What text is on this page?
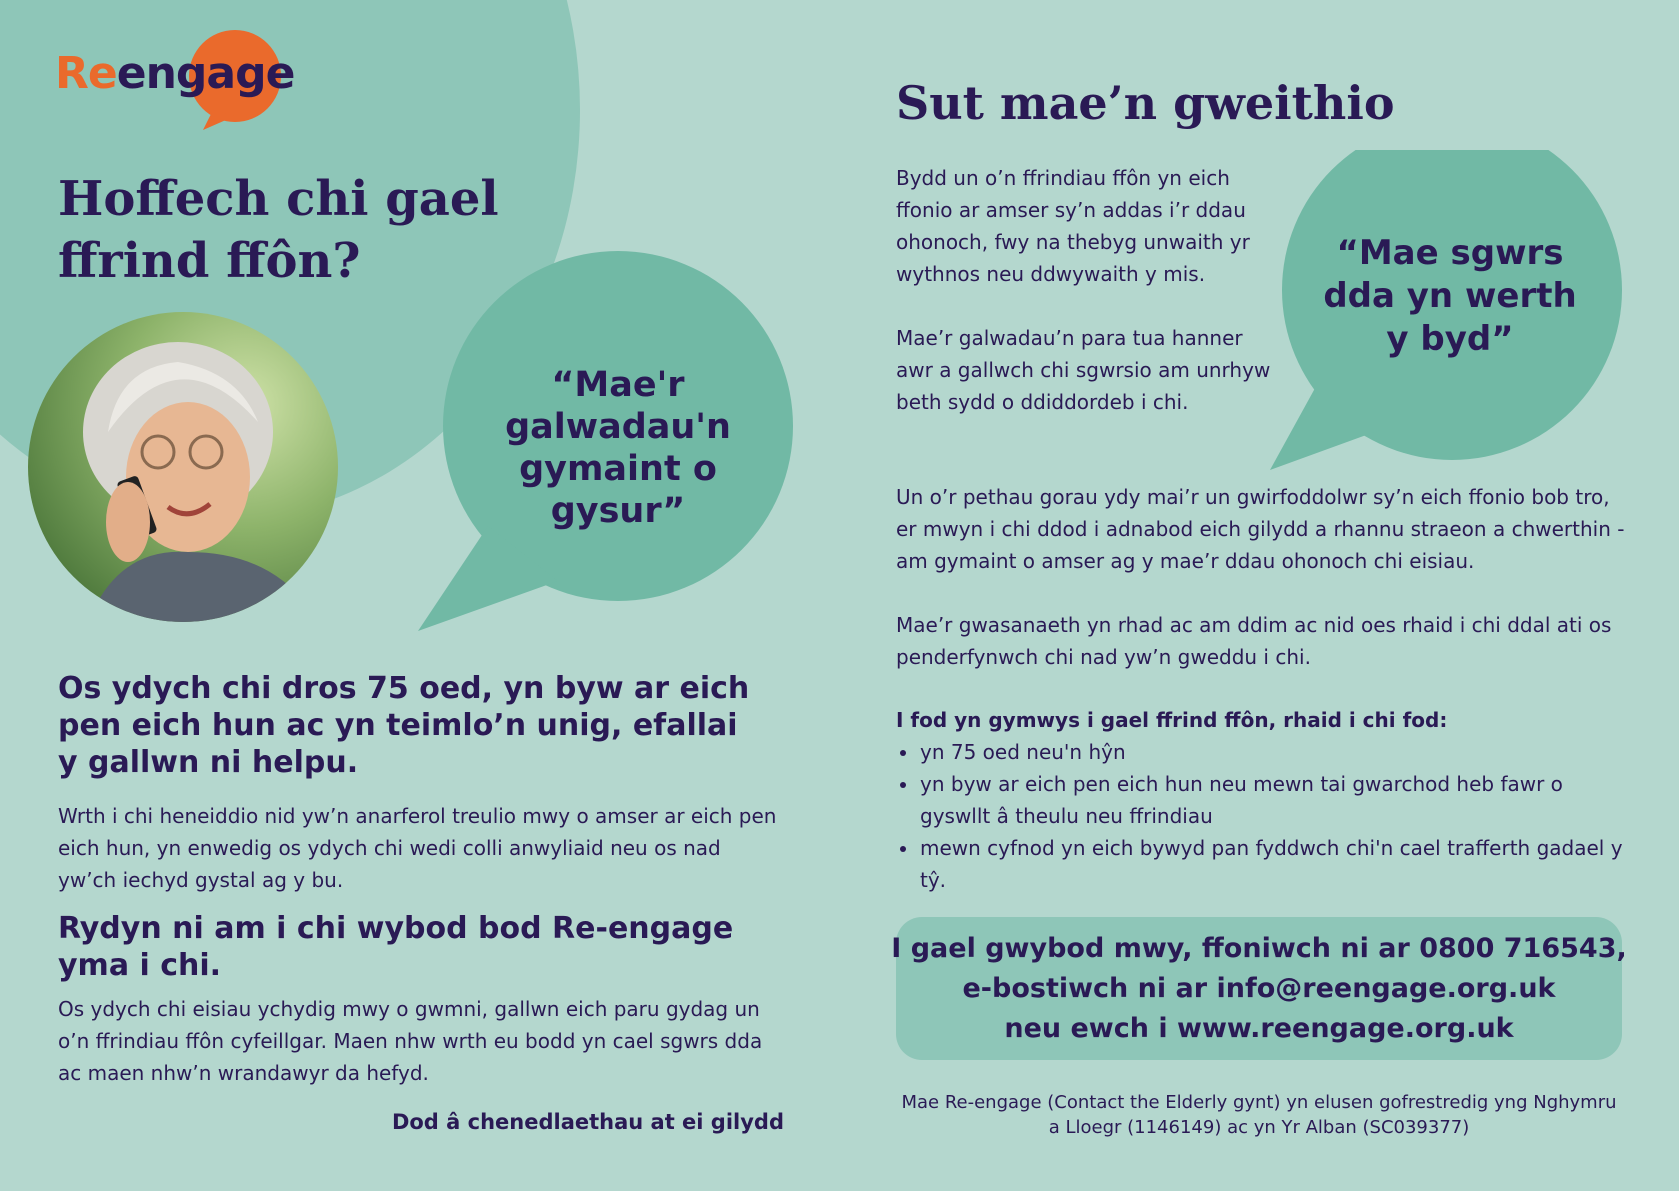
Reengage
Hoffech chi gael ffrind ffôn?
“Mae'r galwadau'n gymaint o gysur”
Os ydych chi dros 75 oed, yn byw ar eich pen eich hun ac yn teimlo’n unig, efallai y gallwn ni helpu.
Wrth i chi heneiddio nid yw’n anarferol treulio mwy o amser ar eich pen eich hun, yn enwedig os ydych chi wedi colli anwyliaid neu os nad yw’ch iechyd gystal ag y bu.
Rydyn ni am i chi wybod bod Re-engage yma i chi.
Os ydych chi eisiau ychydig mwy o gwmni, gallwn eich paru gydag un o’n ffrindiau ffôn cyfeillgar. Maen nhw wrth eu bodd yn cael sgwrs dda ac maen nhw’n wrandawyr da hefyd.
Dod â chenedlaethau at ei gilydd
Sut mae’n gweithio
“Mae sgwrs dda yn werth y byd”
Bydd un o’n ffrindiau ffôn yn eich ffonio ar amser sy’n addas i’r ddau ohonoch, fwy na thebyg unwaith yr wythnos neu ddwywaith y mis.
Mae’r galwadau’n para tua hanner awr a gallwch chi sgwrsio am unrhyw beth sydd o ddiddordeb i chi.
Un o’r pethau gorau ydy mai’r un gwirfoddolwr sy’n eich ffonio bob tro, er mwyn i chi ddod i adnabod eich gilydd a rhannu straeon a chwerthin - am gymaint o amser ag y mae’r ddau ohonoch chi eisiau.
Mae’r gwasanaeth yn rhad ac am ddim ac nid oes rhaid i chi ddal ati os penderfynwch chi nad yw’n gweddu i chi.
I fod yn gymwys i gael ffrind ffôn, rhaid i chi fod:
yn 75 oed neu'n hŷn
yn byw ar eich pen eich hun neu mewn tai gwarchod heb fawr o gyswllt â theulu neu ffrindiau
mewn cyfnod yn eich bywyd pan fyddwch chi'n cael trafferth gadael y tŷ.
I gael gwybod mwy, ffoniwch ni ar 0800 716543,
e-bostiwch ni ar info@reengage.org.uk
neu ewch i www.reengage.org.uk
Mae Re-engage (Contact the Elderly gynt) yn elusen gofrestredig yng Nghymru a Lloegr (1146149) ac yn Yr Alban (SC039377)
